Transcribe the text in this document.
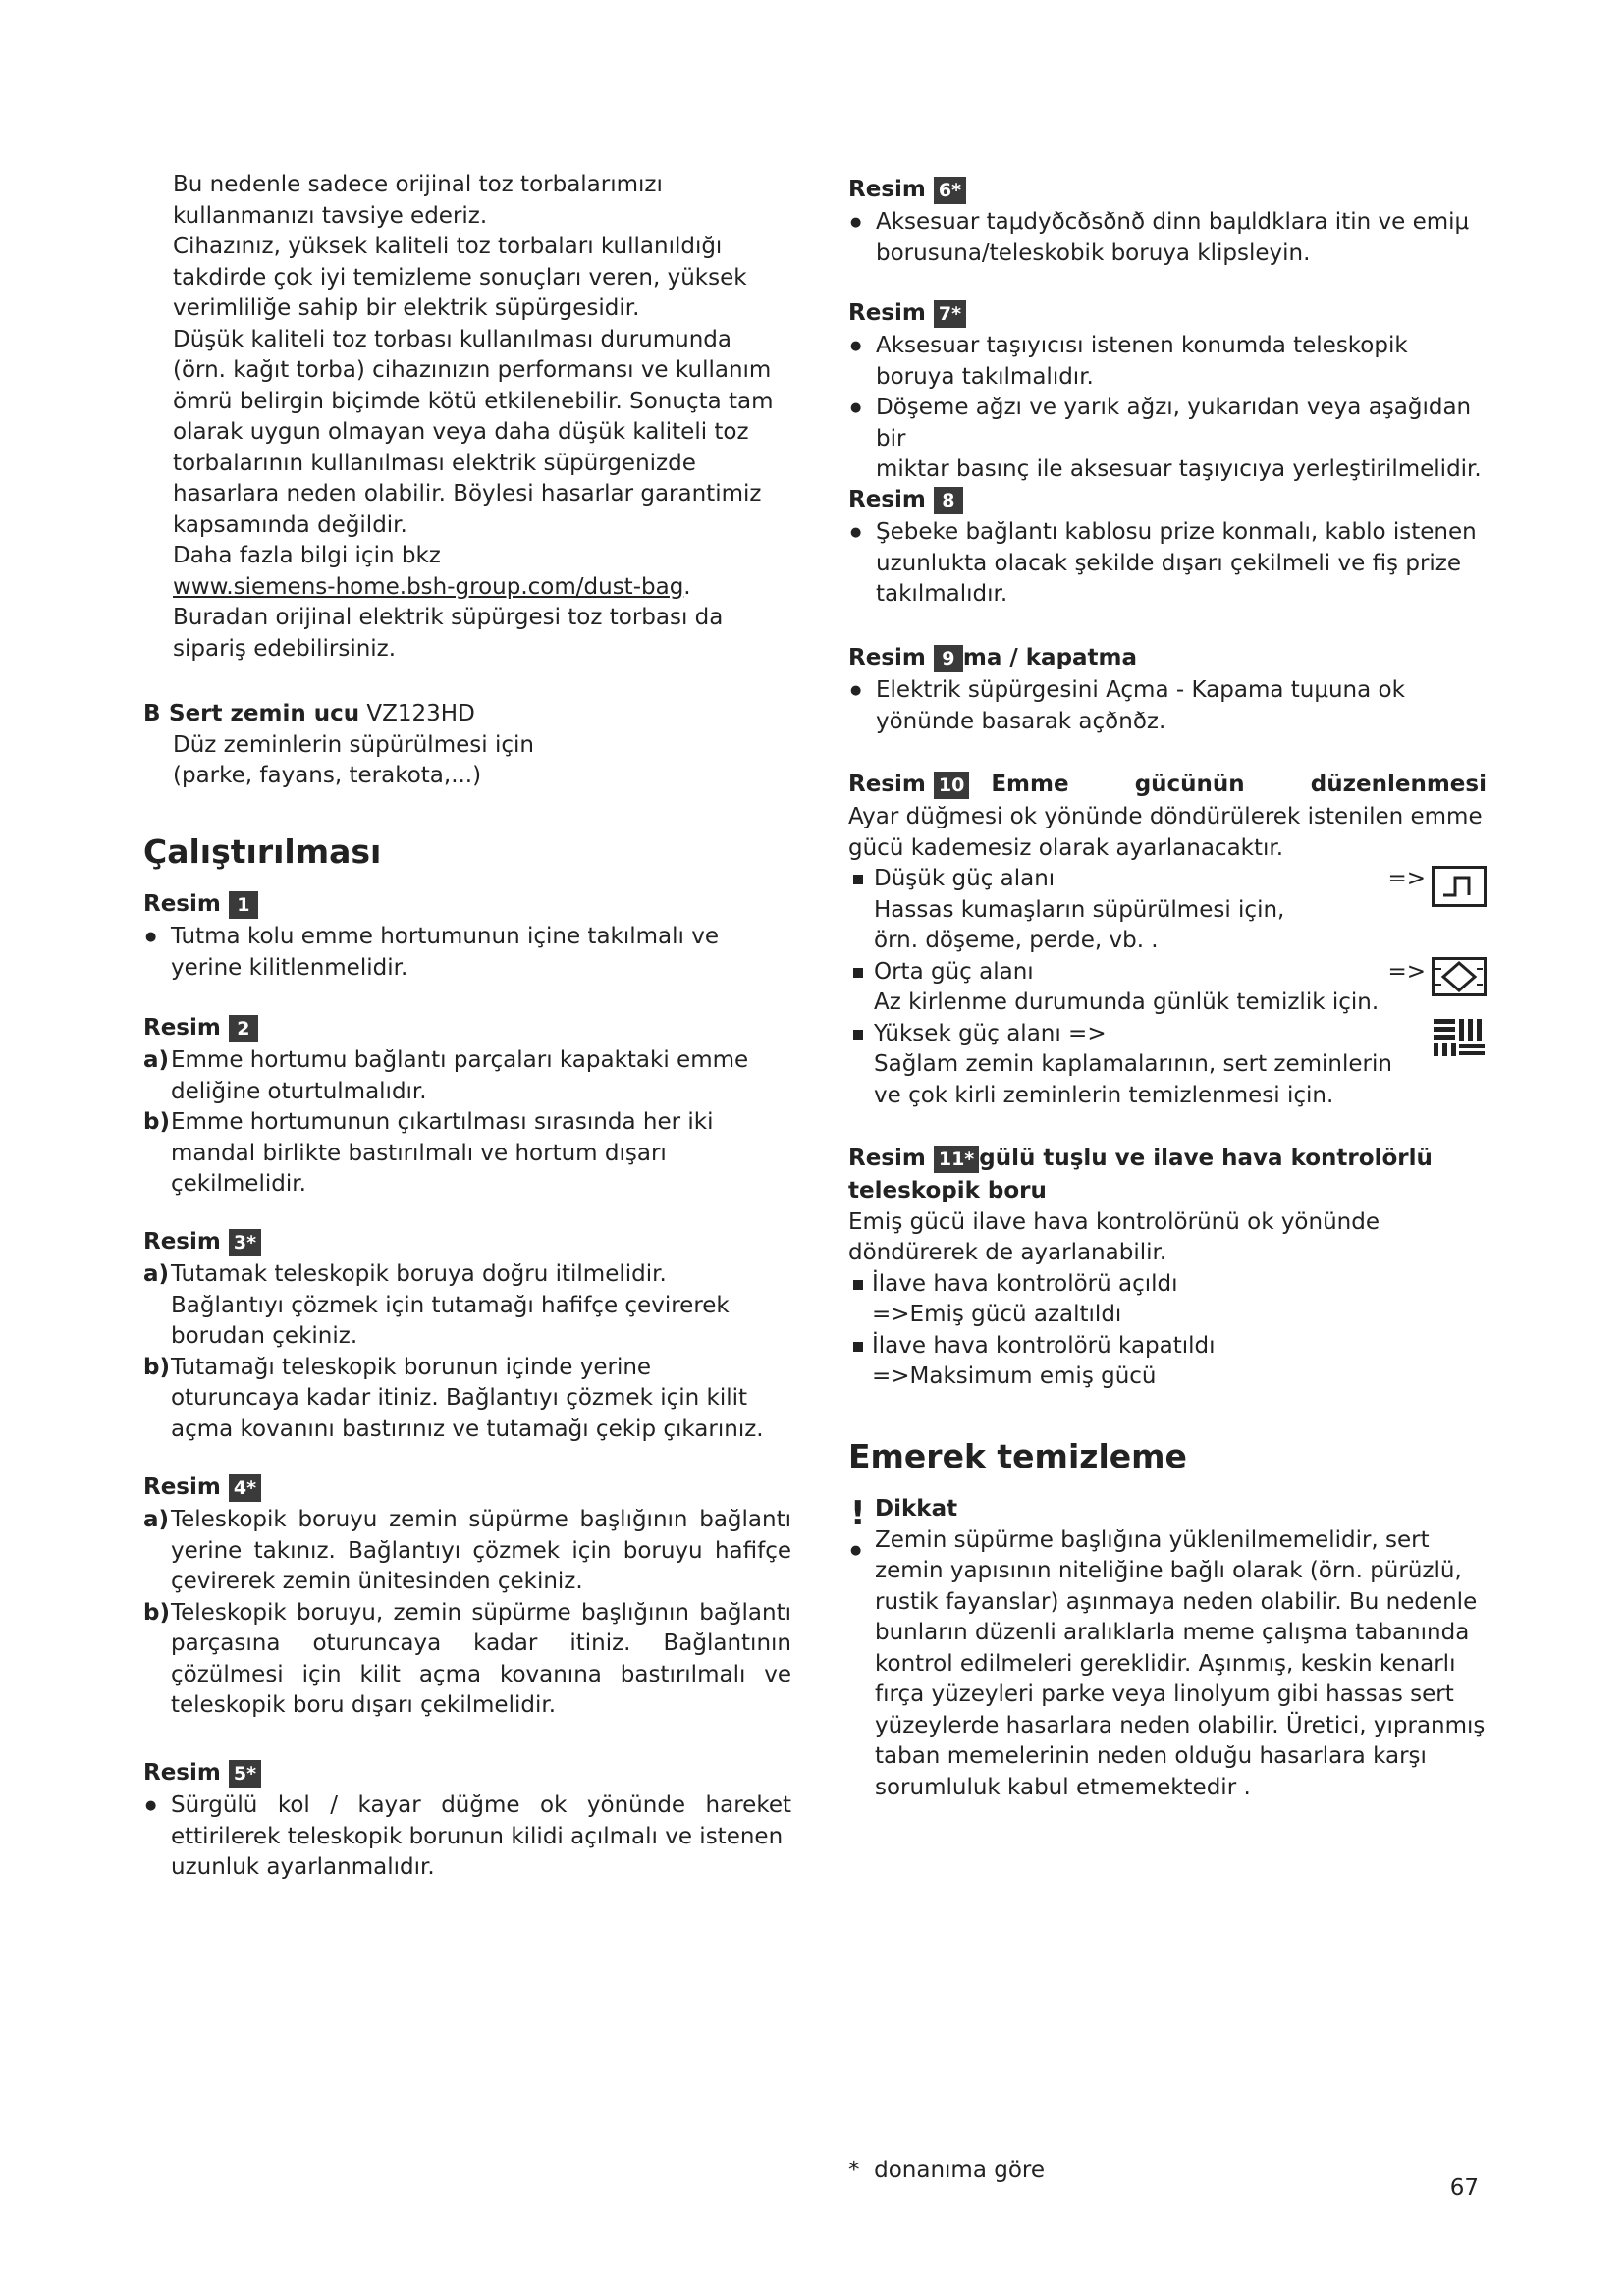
Bu nedenle sadece orijinal toz torbalarımızı
kullanmanızı tavsiye ederiz.
Cihazınız, yüksek kaliteli toz torbaları kullanıldığı
takdirde çok iyi temizleme sonuçları veren, yüksek
verimliliğe sahip bir elektrik süpürgesidir.
Düşük kaliteli toz torbası kullanılması durumunda
(örn. kağıt torba) cihazınızın performansı ve kullanım
ömrü belirgin biçimde kötü etkilenebilir. Sonuçta tam
olarak uygun olmayan veya daha düşük kaliteli toz
torbalarının kullanılması elektrik süpürgenizde
hasarlara neden olabilir. Böylesi hasarlar garantimiz
kapsamında değildir.
Daha fazla bilgi için bkz
www.siemens-home.bsh-group.com/dust-bag.
Buradan orijinal elektrik süpürgesi toz torbası da
sipariş edebilirsiniz.
B Sert zemin ucu VZ123HD
Düz zeminlerin süpürülmesi için
(parke, fayans, terakota,...)
Çalıştırılması
Resim 1
● Tutma kolu emme hortumunun içine takılmalı ve
yerine kilitlenmelidir.
Resim 2
a) Emme hortumu bağlantı parçaları kapaktaki emme
deliğine oturtulmalıdır.
b) Emme hortumunun çıkartılması sırasında her iki
mandal birlikte bastırılmalı ve hortum dışarı
çekilmelidir.
Resim 3*
a) Tutamak teleskopik boruya doğru itilmelidir.
Bağlantıyı çözmek için tutamağı hafifçe çevirerek
borudan çekiniz.
b) Tutamağı teleskopik borunun içinde yerine
oturuncaya kadar itiniz. Bağlantıyı çözmek için kilit
açma kovanını bastırınız ve tutamağı çekip çıkarınız.
Resim 4*
a) Teleskopik boruyu zemin süpürme başlığının bağlantı
yerine takınız. Bağlantıyı çözmek için boruyu hafifçe
çevirerek zemin ünitesinden çekiniz.
b) Teleskopik boruyu, zemin süpürme başlığının bağlantı
parçasına oturuncaya kadar itiniz. Bağlantının
çözülmesi için kilit açma kovanına bastırılmalı ve
teleskopik boru dışarı çekilmelidir.
Resim 5*
● Sürgülü kol / kayar düğme ok yönünde hareket
ettirilerek teleskopik borunun kilidi açılmalı ve istenen
uzunluk ayarlanmalıdır.
Resim 6*
● Aksesuar taμdyðcðsðnð dinn baμldklara itin ve emiμ
borusuna/teleskobik boruya klipsleyin.
Resim 7*
● Aksesuar taşıyıcısı istenen konumda teleskopik
boruya takılmalıdır.
● Döşeme ağzı ve yarık ağzı, yukarıdan veya aşağıdan bir
miktar basınç ile aksesuar taşıyıcıya yerleştirilmelidir.
Resim 8
● Şebeke bağlantı kablosu prize konmalı, kablo istenen
uzunlukta olacak şekilde dışarı çekilmeli ve fiş prize
takılmalıdır.
Resim 9 ma / kapatma
● Elektrik süpürgesini Açma - Kapama tuμuna ok
yönünde basarak açðnðz.
Resim 10 Emme	gücünün	düzenlenmesi
Ayar düğmesi ok yönünde döndürülerek istenilen emme
gücü kademesiz olarak ayarlanacaktır.
Düşük güç alanı	=>
Hassas kumaşların süpürülmesi için,
örn. döşeme, perde, vb. .
Orta güç alanı	=>
Az kirlenme durumunda günlük temizlik için.
Yüksek güç alanı =>
Sağlam zemin kaplamalarının, sert zeminlerin
ve çok kirli zeminlerin temizlenmesi için.
Resim 11* gülü tuşlu ve ilave hava kontrolörlü
teleskopik boru
Emiş gücü ilave hava kontrolörünü ok yönünde
döndürerek de ayarlanabilir.
İlave hava kontrolörü açıldı
=>Emiş gücü azaltıldı
İlave hava kontrolörü kapatıldı
=>Maksimum emiş gücü
Emerek temizleme
!
●
Dikkat
Zemin süpürme başlığına yüklenilmemelidir, sert
zemin yapısının niteliğine bağlı olarak (örn. pürüzlü,
rustik fayanslar) aşınmaya neden olabilir. Bu nedenle
bunların düzenli aralıklarla meme çalışma tabanında
kontrol edilmeleri gereklidir. Aşınmış, keskin kenarlı
fırça yüzeyleri parke veya linolyum gibi hassas sert
yüzeylerde hasarlara neden olabilir. Üretici, yıpranmış
taban memelerinin neden olduğu hasarlara karşı
sorumluluk kabul etmemektedir .
*  donanıma göre
67
